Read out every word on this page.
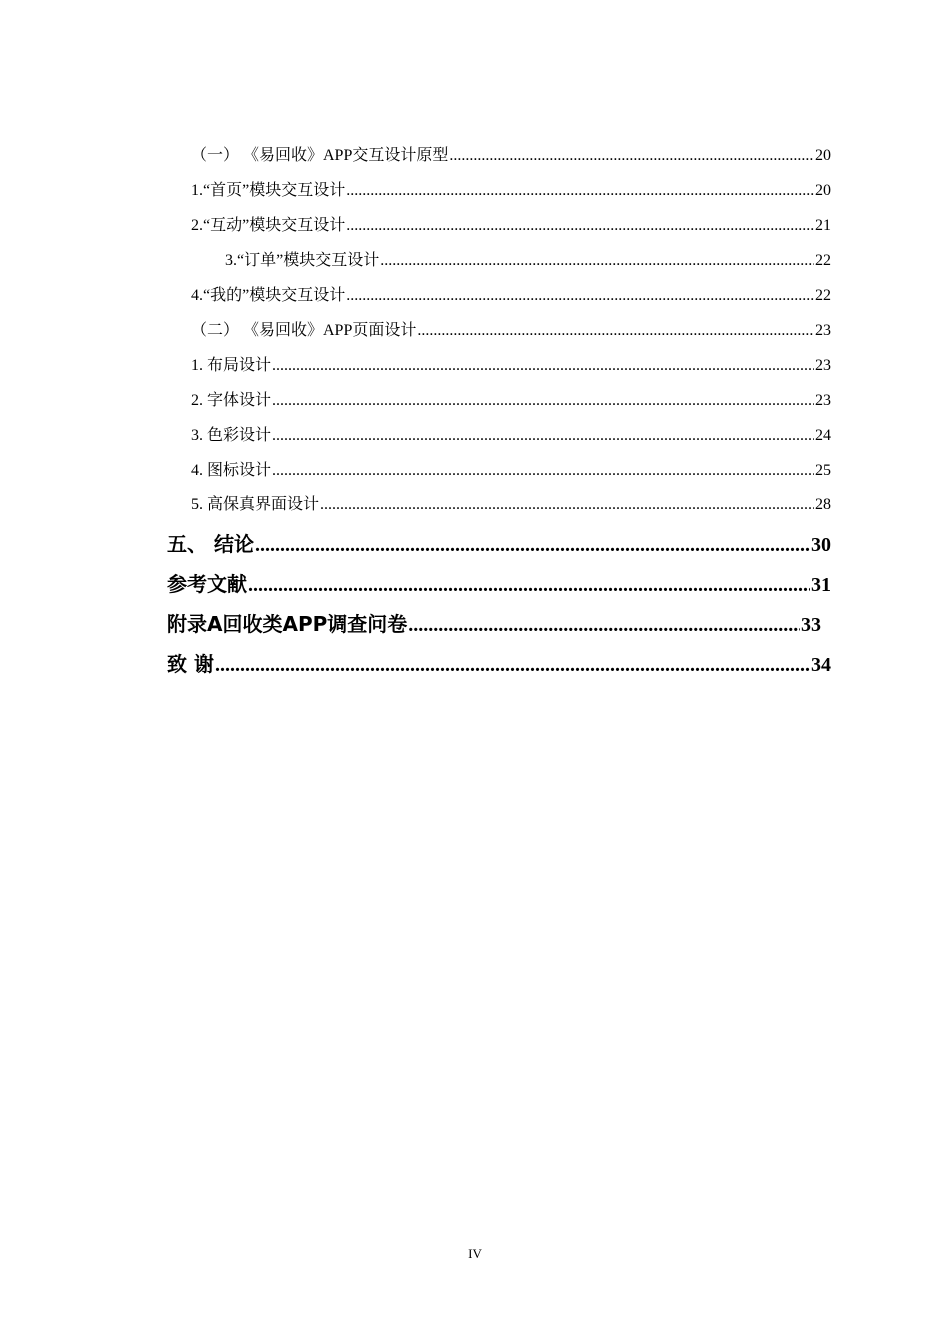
（一） 《易回收》APP交互设计原型 .....	20
1.“首页”模块交互设计 .....	20
2.“互动”模块交互设计 .....	21
3.“订单”模块交互设计 .....	22
4.“我的”模块交互设计 .....	22
（二） 《易回收》APP页面设计 .....	23
1. 布局设计 .....	23
2. 字体设计 .....	23
3. 色彩设计 .....	24
4. 图标设计 .....	25
5. 高保真界面设计 .....	28
五、 结论 .....	30
参考文献 .....	31
附录A回收类APP调查问卷 .....	33
致 谢 .....	34
IV
